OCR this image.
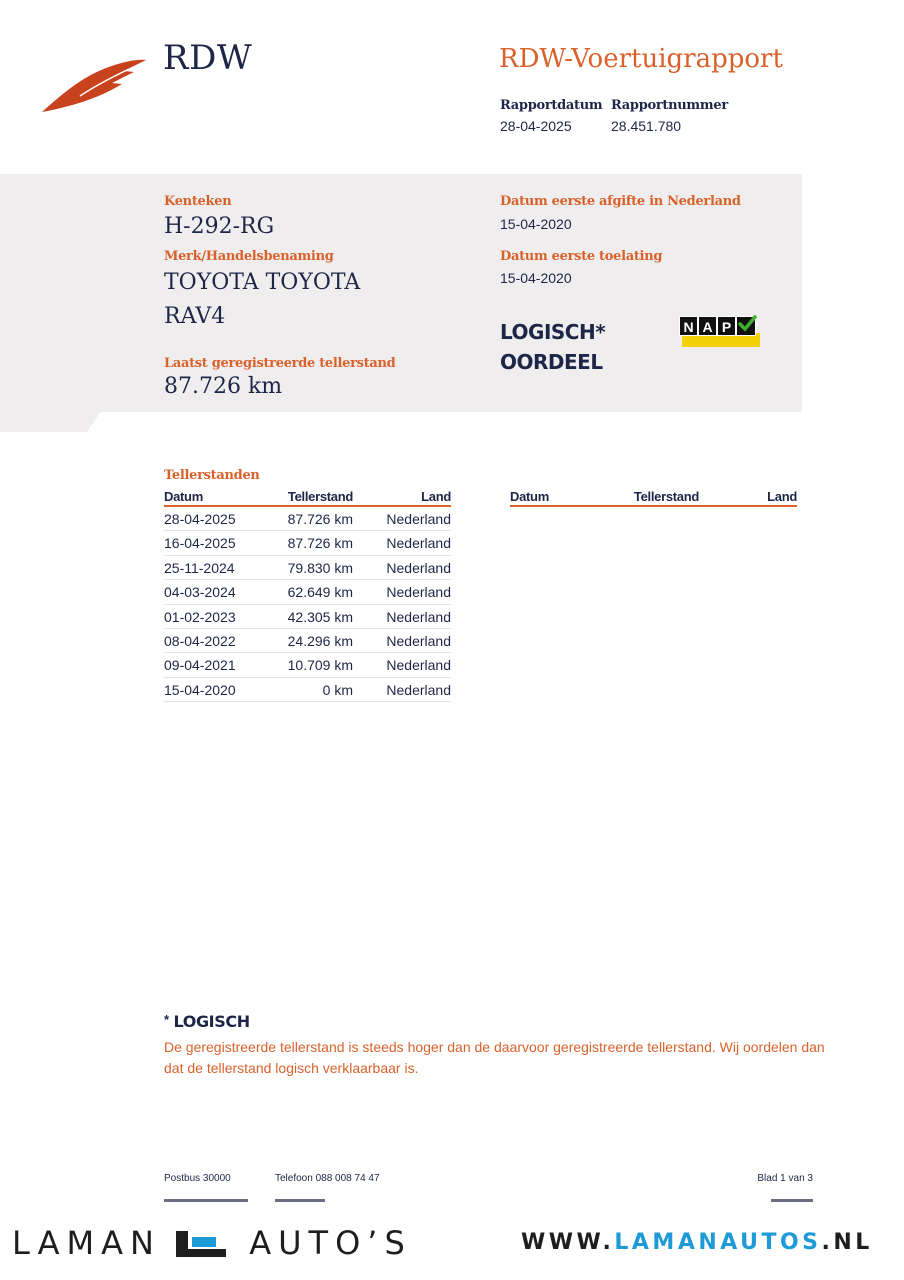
RDW	RDW-Voertuigrapport
Rapportdatum
28-04-2025
Rapportnummer
28.451.780
Kenteken
H-292-RG
Merk/Handelsbenaming
TOYOTA TOYOTA
RAV4
Laatst geregistreerde tellerstand
87.726 km
Datum eerste afgifte in Nederland
15-04-2020
Datum eerste toelating
15-04-2020
LOGISCH*
OORDEEL
N A P
Tellerstanden
Datum	Tellerstand	Land
28-04-2025	87.726 km	Nederland
16-04-2025	87.726 km	Nederland
25-11-2024	79.830 km	Nederland
04-03-2024	62.649 km	Nederland
01-02-2023	42.305 km	Nederland
08-04-2022	24.296 km	Nederland
09-04-2021	10.709 km	Nederland
15-04-2020	0 km	Nederland
Datum	Tellerstand	Land
* LOGISCH
De geregistreerde tellerstand is steeds hoger dan de daarvoor geregistreerde tellerstand. Wij oordelen dan
dat de tellerstand logisch verklaarbaar is.
Postbus 30000	Telefoon 088 008 74 47	Blad 1 van 3
LAMAN	AUTO’S	WWW.LAMANAUTOS.NL
